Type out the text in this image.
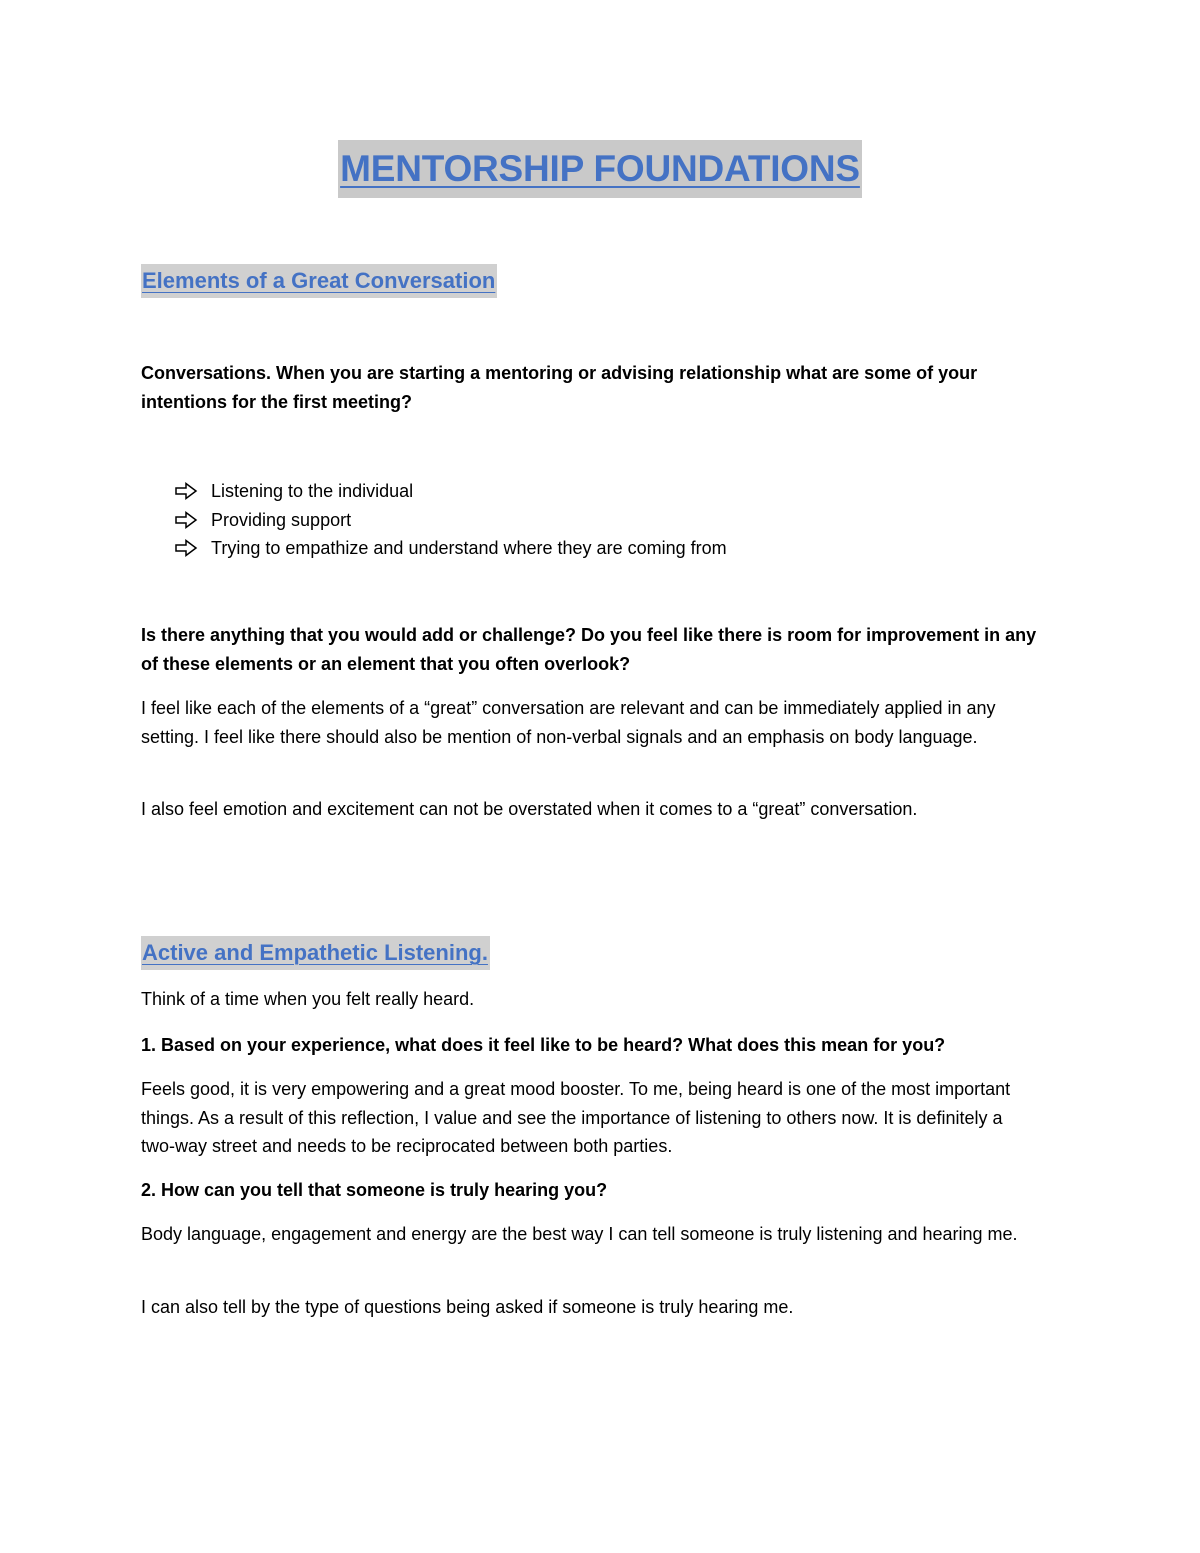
MENTORSHIP FOUNDATIONS
Elements of a Great Conversation
Conversations. When you are starting a mentoring or advising relationship what are some of your intentions for the first meeting?
Listening to the individual
Providing support
Trying to empathize and understand where they are coming from
Is there anything that you would add or challenge? Do you feel like there is room for improvement in any of these elements or an element that you often overlook?
I feel like each of the elements of a “great” conversation are relevant and can be immediately applied in any setting. I feel like there should also be mention of non-verbal signals and an emphasis on body language.
I also feel emotion and excitement can not be overstated when it comes to a “great” conversation.
Active and Empathetic Listening.
Think of a time when you felt really heard.
1. Based on your experience, what does it feel like to be heard? What does this mean for you?
Feels good, it is very empowering and a great mood booster. To me, being heard is one of the most important things. As a result of this reflection, I value and see the importance of listening to others now. It is definitely a two-way street and needs to be reciprocated between both parties.
2. How can you tell that someone is truly hearing you?
Body language, engagement and energy are the best way I can tell someone is truly listening and hearing me.
I can also tell by the type of questions being asked if someone is truly hearing me.
